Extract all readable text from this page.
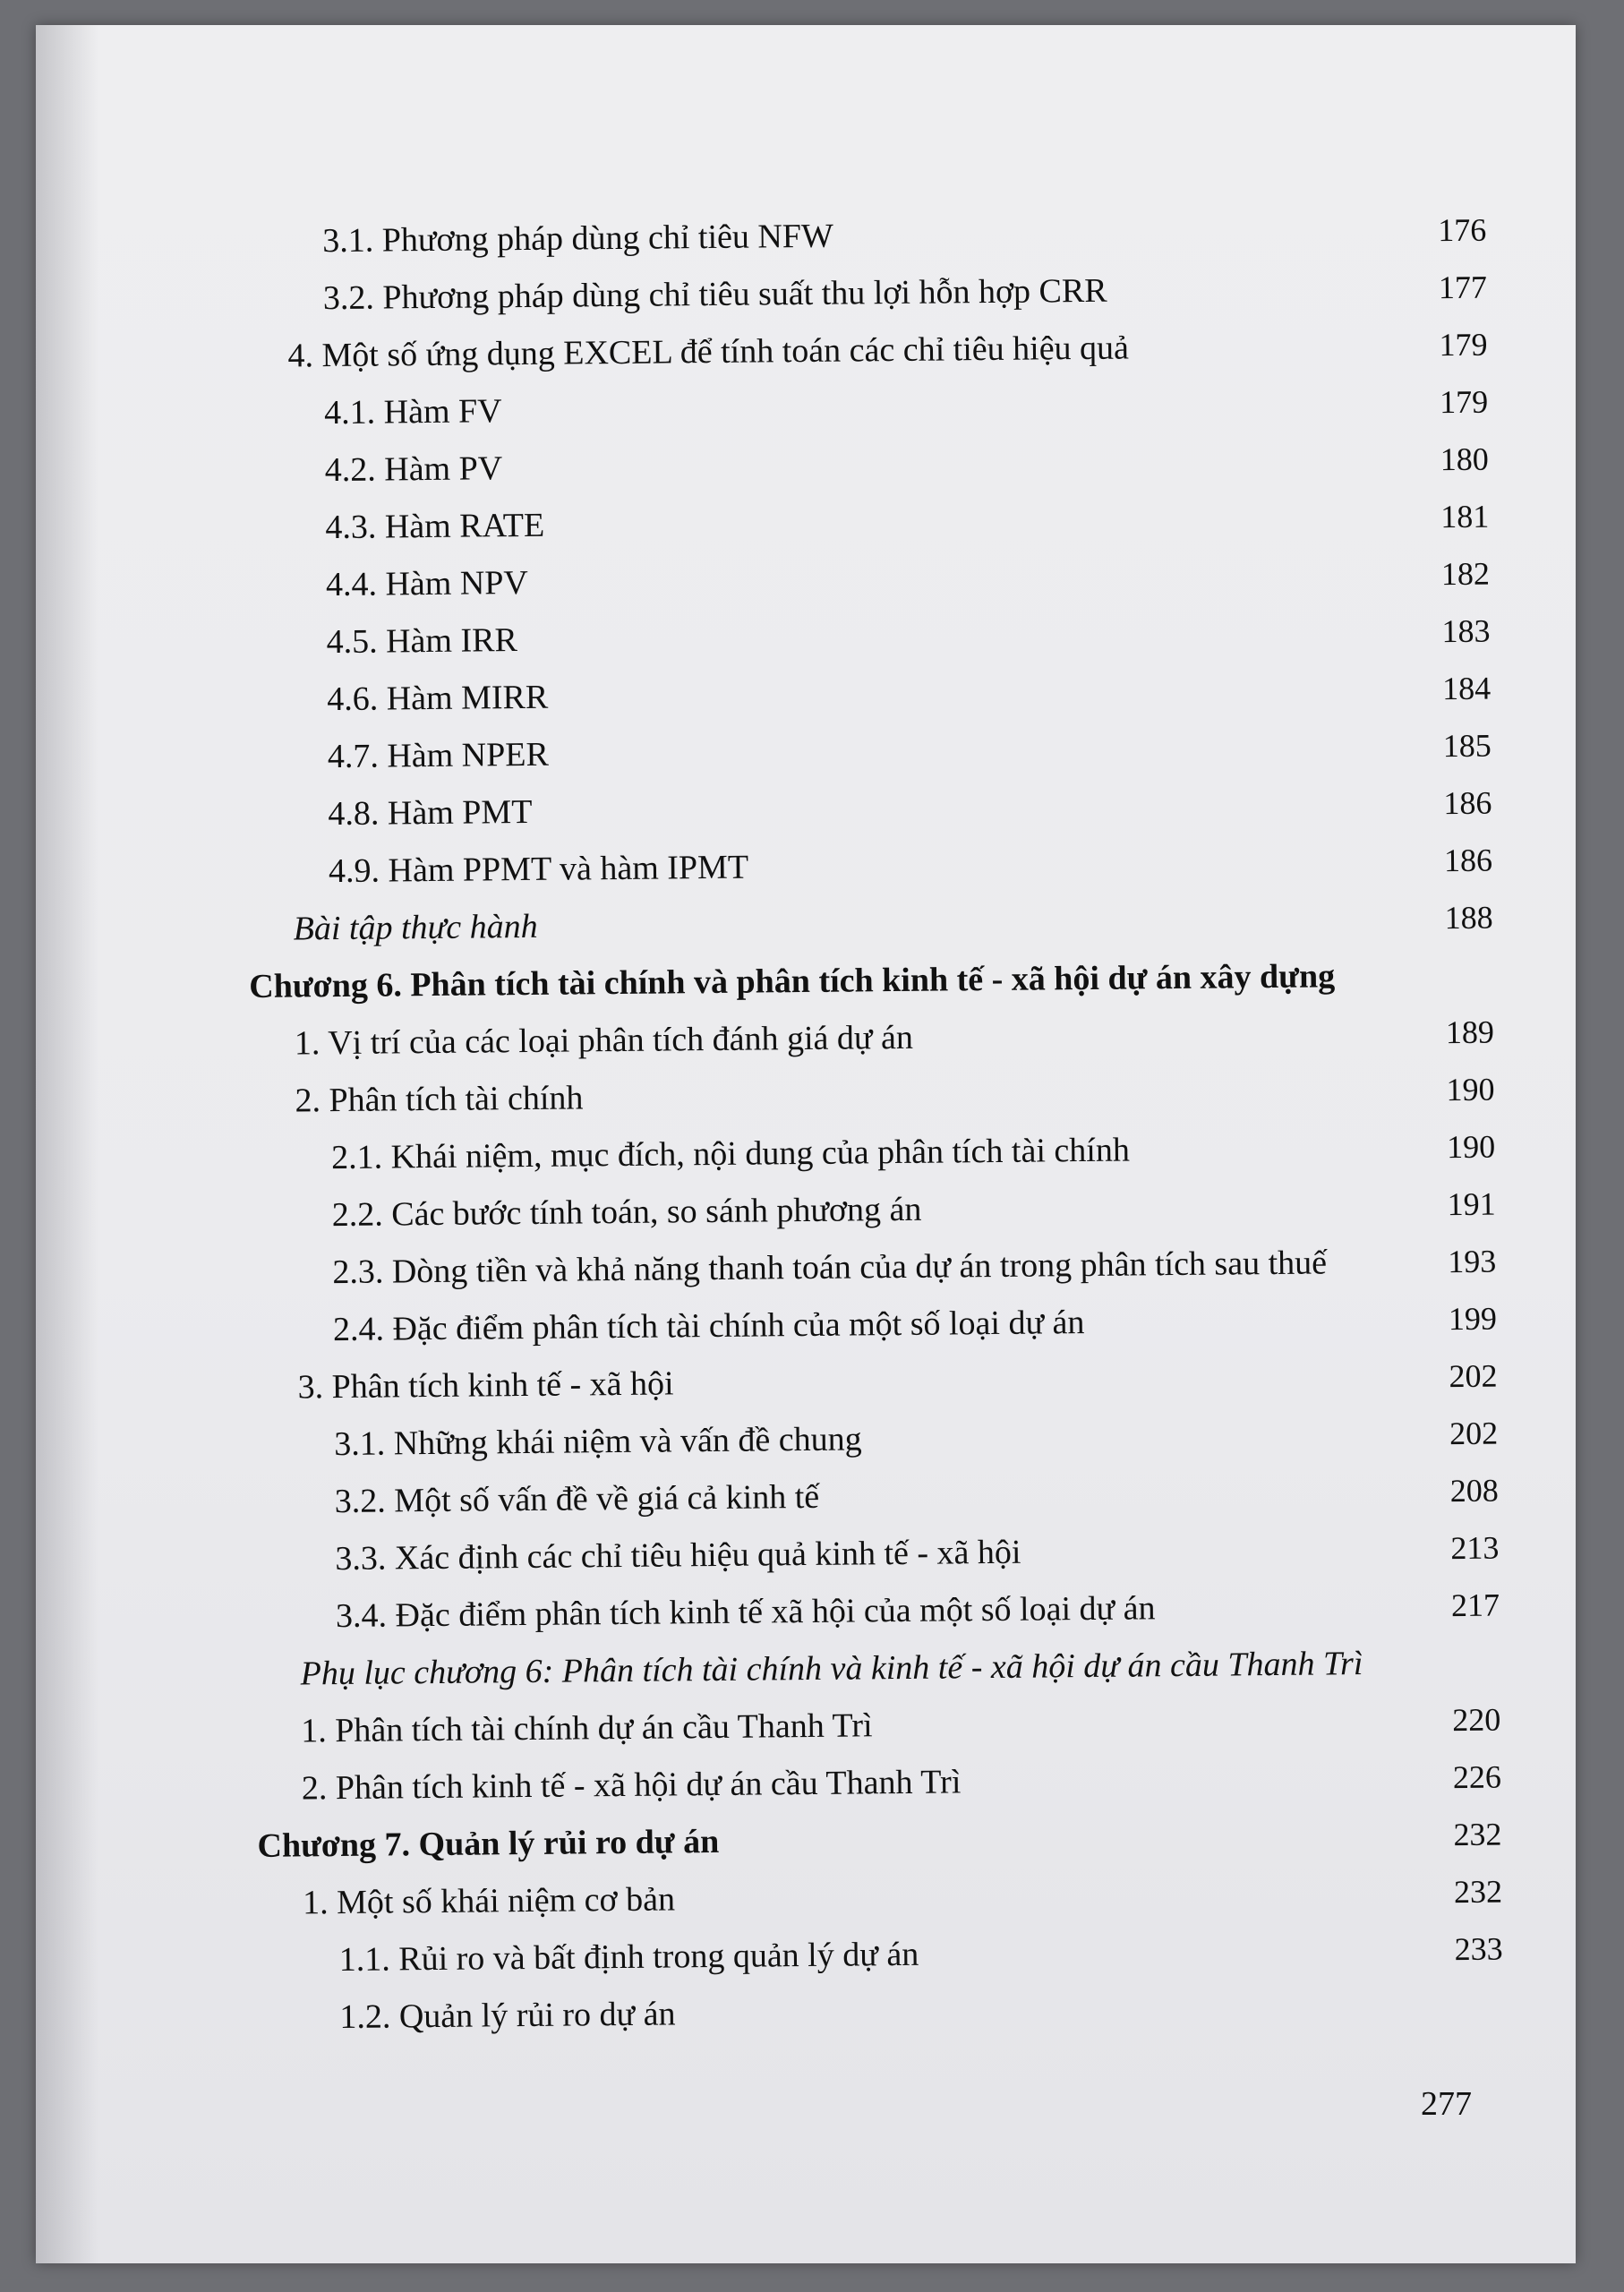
3.1. Phương pháp dùng chỉ tiêu NFW	176
3.2. Phương pháp dùng chỉ tiêu suất thu lợi hỗn hợp CRR	177
4. Một số ứng dụng EXCEL để tính toán các chỉ tiêu hiệu quả	179
4.1. Hàm FV	179
4.2. Hàm PV	180
4.3. Hàm RATE	181
4.4. Hàm NPV	182
4.5. Hàm IRR	183
4.6. Hàm MIRR	184
4.7. Hàm NPER	185
4.8. Hàm PMT	186
4.9. Hàm PPMT và hàm IPMT	186
Bài tập thực hành	188
Chương 6. Phân tích tài chính và phân tích kinh tế - xã hội dự án xây dựng
1. Vị trí của các loại phân tích đánh giá dự án	189
2. Phân tích tài chính	190
2.1. Khái niệm, mục đích, nội dung của phân tích tài chính	190
2.2. Các bước tính toán, so sánh phương án	191
2.3. Dòng tiền và khả năng thanh toán của dự án trong phân tích sau thuế	193
2.4. Đặc điểm phân tích tài chính của một số loại dự án	199
3. Phân tích kinh tế - xã hội	202
3.1. Những khái niệm và vấn đề chung	202
3.2. Một số vấn đề về giá cả kinh tế	208
3.3. Xác định các chỉ tiêu hiệu quả kinh tế - xã hội	213
3.4. Đặc điểm phân tích kinh tế xã hội của một số loại dự án	217
Phụ lục chương 6: Phân tích tài chính và kinh tế - xã hội dự án cầu Thanh Trì
1. Phân tích tài chính dự án cầu Thanh Trì	220
2. Phân tích kinh tế - xã hội dự án cầu Thanh Trì	226
Chương 7. Quản lý rủi ro dự án	232
1. Một số khái niệm cơ bản	232
1.1. Rủi ro và bất định trong quản lý dự án	233
1.2. Quản lý rủi ro dự án
277
